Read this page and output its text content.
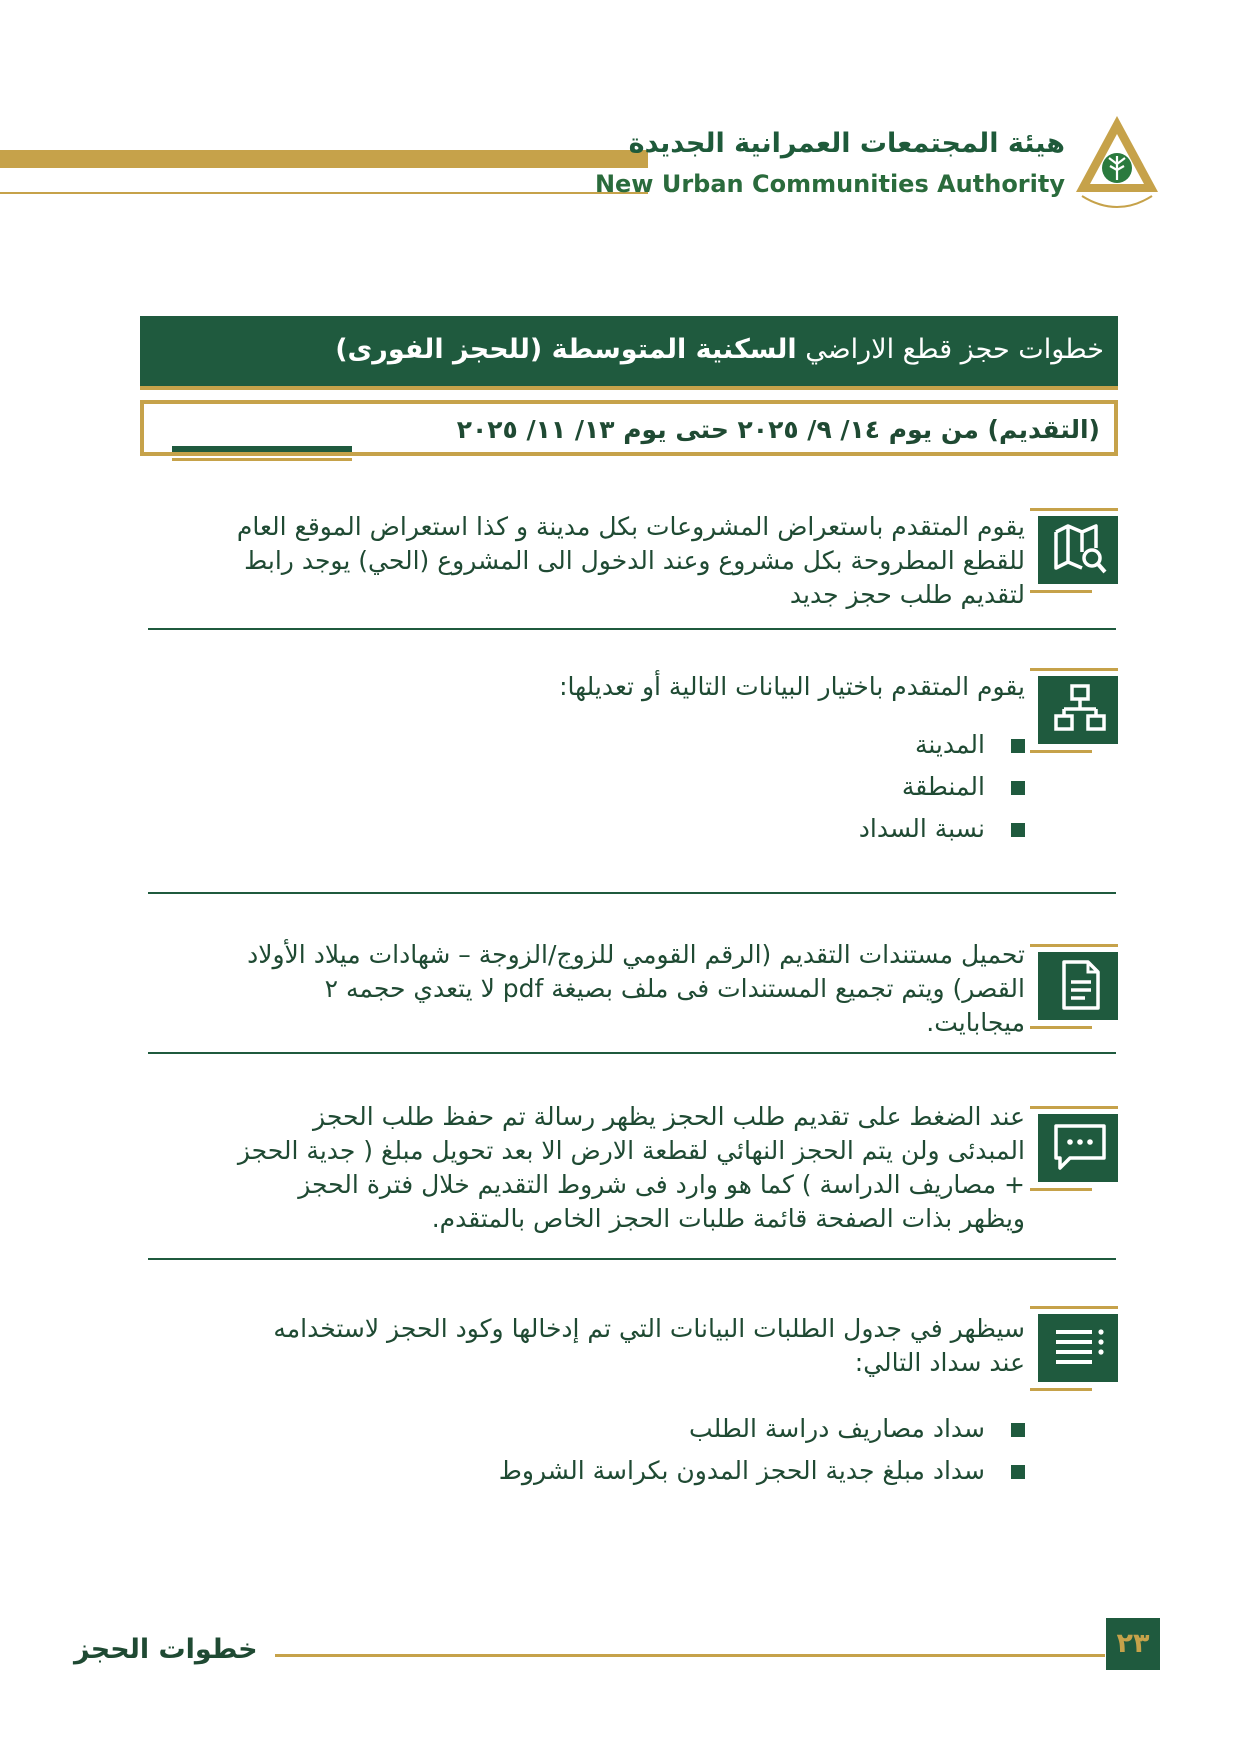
هيئة المجتمعات العمرانية الجديدة
New Urban Communities Authority
خطوات حجز قطع الاراضي السكنية المتوسطة (للحجز الفورى)
(التقديم) من يوم ١٤/ ٩/ ٢٠٢٥ حتى يوم ١٣/ ١١/ ٢٠٢٥
يقوم المتقدم باستعراض المشروعات بكل مدينة و كذا استعراض الموقع العام للقطع المطروحة بكل مشروع وعند الدخول الى المشروع (الحي) يوجد رابط لتقديم طلب حجز جديد
يقوم المتقدم باختيار البيانات التالية أو تعديلها:
المدينة
المنطقة
نسبة السداد
تحميل مستندات التقديم (الرقم القومي للزوج/الزوجة – شهادات ميلاد الأولاد القصر) ويتم تجميع المستندات فى ملف بصيغة pdf لا يتعدي حجمه ٢ ميجابايت.
عند الضغط على تقديم طلب الحجز يظهر رسالة تم حفظ طلب الحجز المبدئى ولن يتم الحجز النهائي لقطعة الارض الا بعد تحويل مبلغ ( جدية الحجز + مصاريف الدراسة ) كما هو وارد فى شروط التقديم خلال فترة الحجز ويظهر بذات الصفحة قائمة طلبات الحجز الخاص بالمتقدم.
سيظهر في جدول الطلبات البيانات التي تم إدخالها وكود الحجز لاستخدامه عند سداد التالي:
سداد مصاريف دراسة الطلب
سداد مبلغ جدية الحجز المدون بكراسة الشروط
خطوات الحجز	٢٣
